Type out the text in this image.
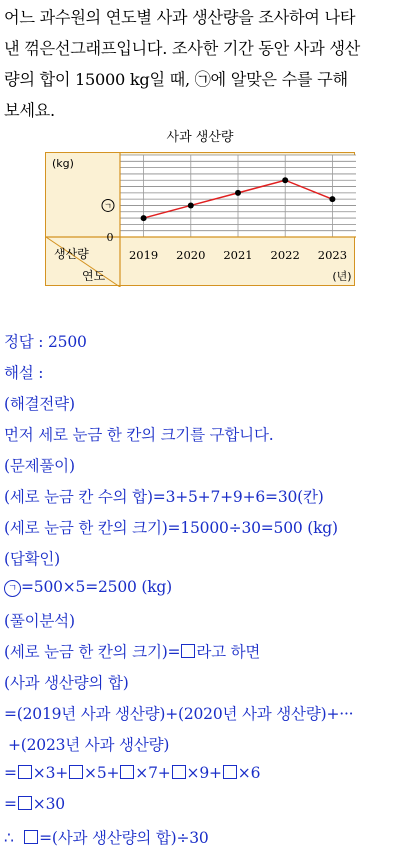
어느 과수원의 연도별 사과 생산량을 조사하여 나타
낸 꺾은선그래프입니다. 조사한 기간 동안 사과 생산
량의 합이 15000 kg일 때, ㉠에 알맞은 수를 구해
보세요.
사과 생산량
(kg)
0
ㄱ
생산량
연도
2019 2020 2021 2022 2023
(년)
정답 : 2500
해설 :
(해결전략)
먼저 세로 눈금 한 칸의 크기를 구합니다.
(문제풀이)
(세로 눈금 칸 수의 합)=3+5+7+9+6=30(칸)
(세로 눈금 한 칸의 크기)=15000÷30=500 (kg)
(답확인)
ㄱ =500×5=2500 (kg)
(풀이분석)
(세로 눈금 한 칸의 크기)= 라고 하면
(사과 생산량의 합)
=(2019년 사과 생산량)+(2020년 사과 생산량)+···
+(2023년 사과 생산량)
= ×3+ ×5+ ×7+ ×9+ ×6
= ×30
∴ =(사과 생산량의 합)÷30
